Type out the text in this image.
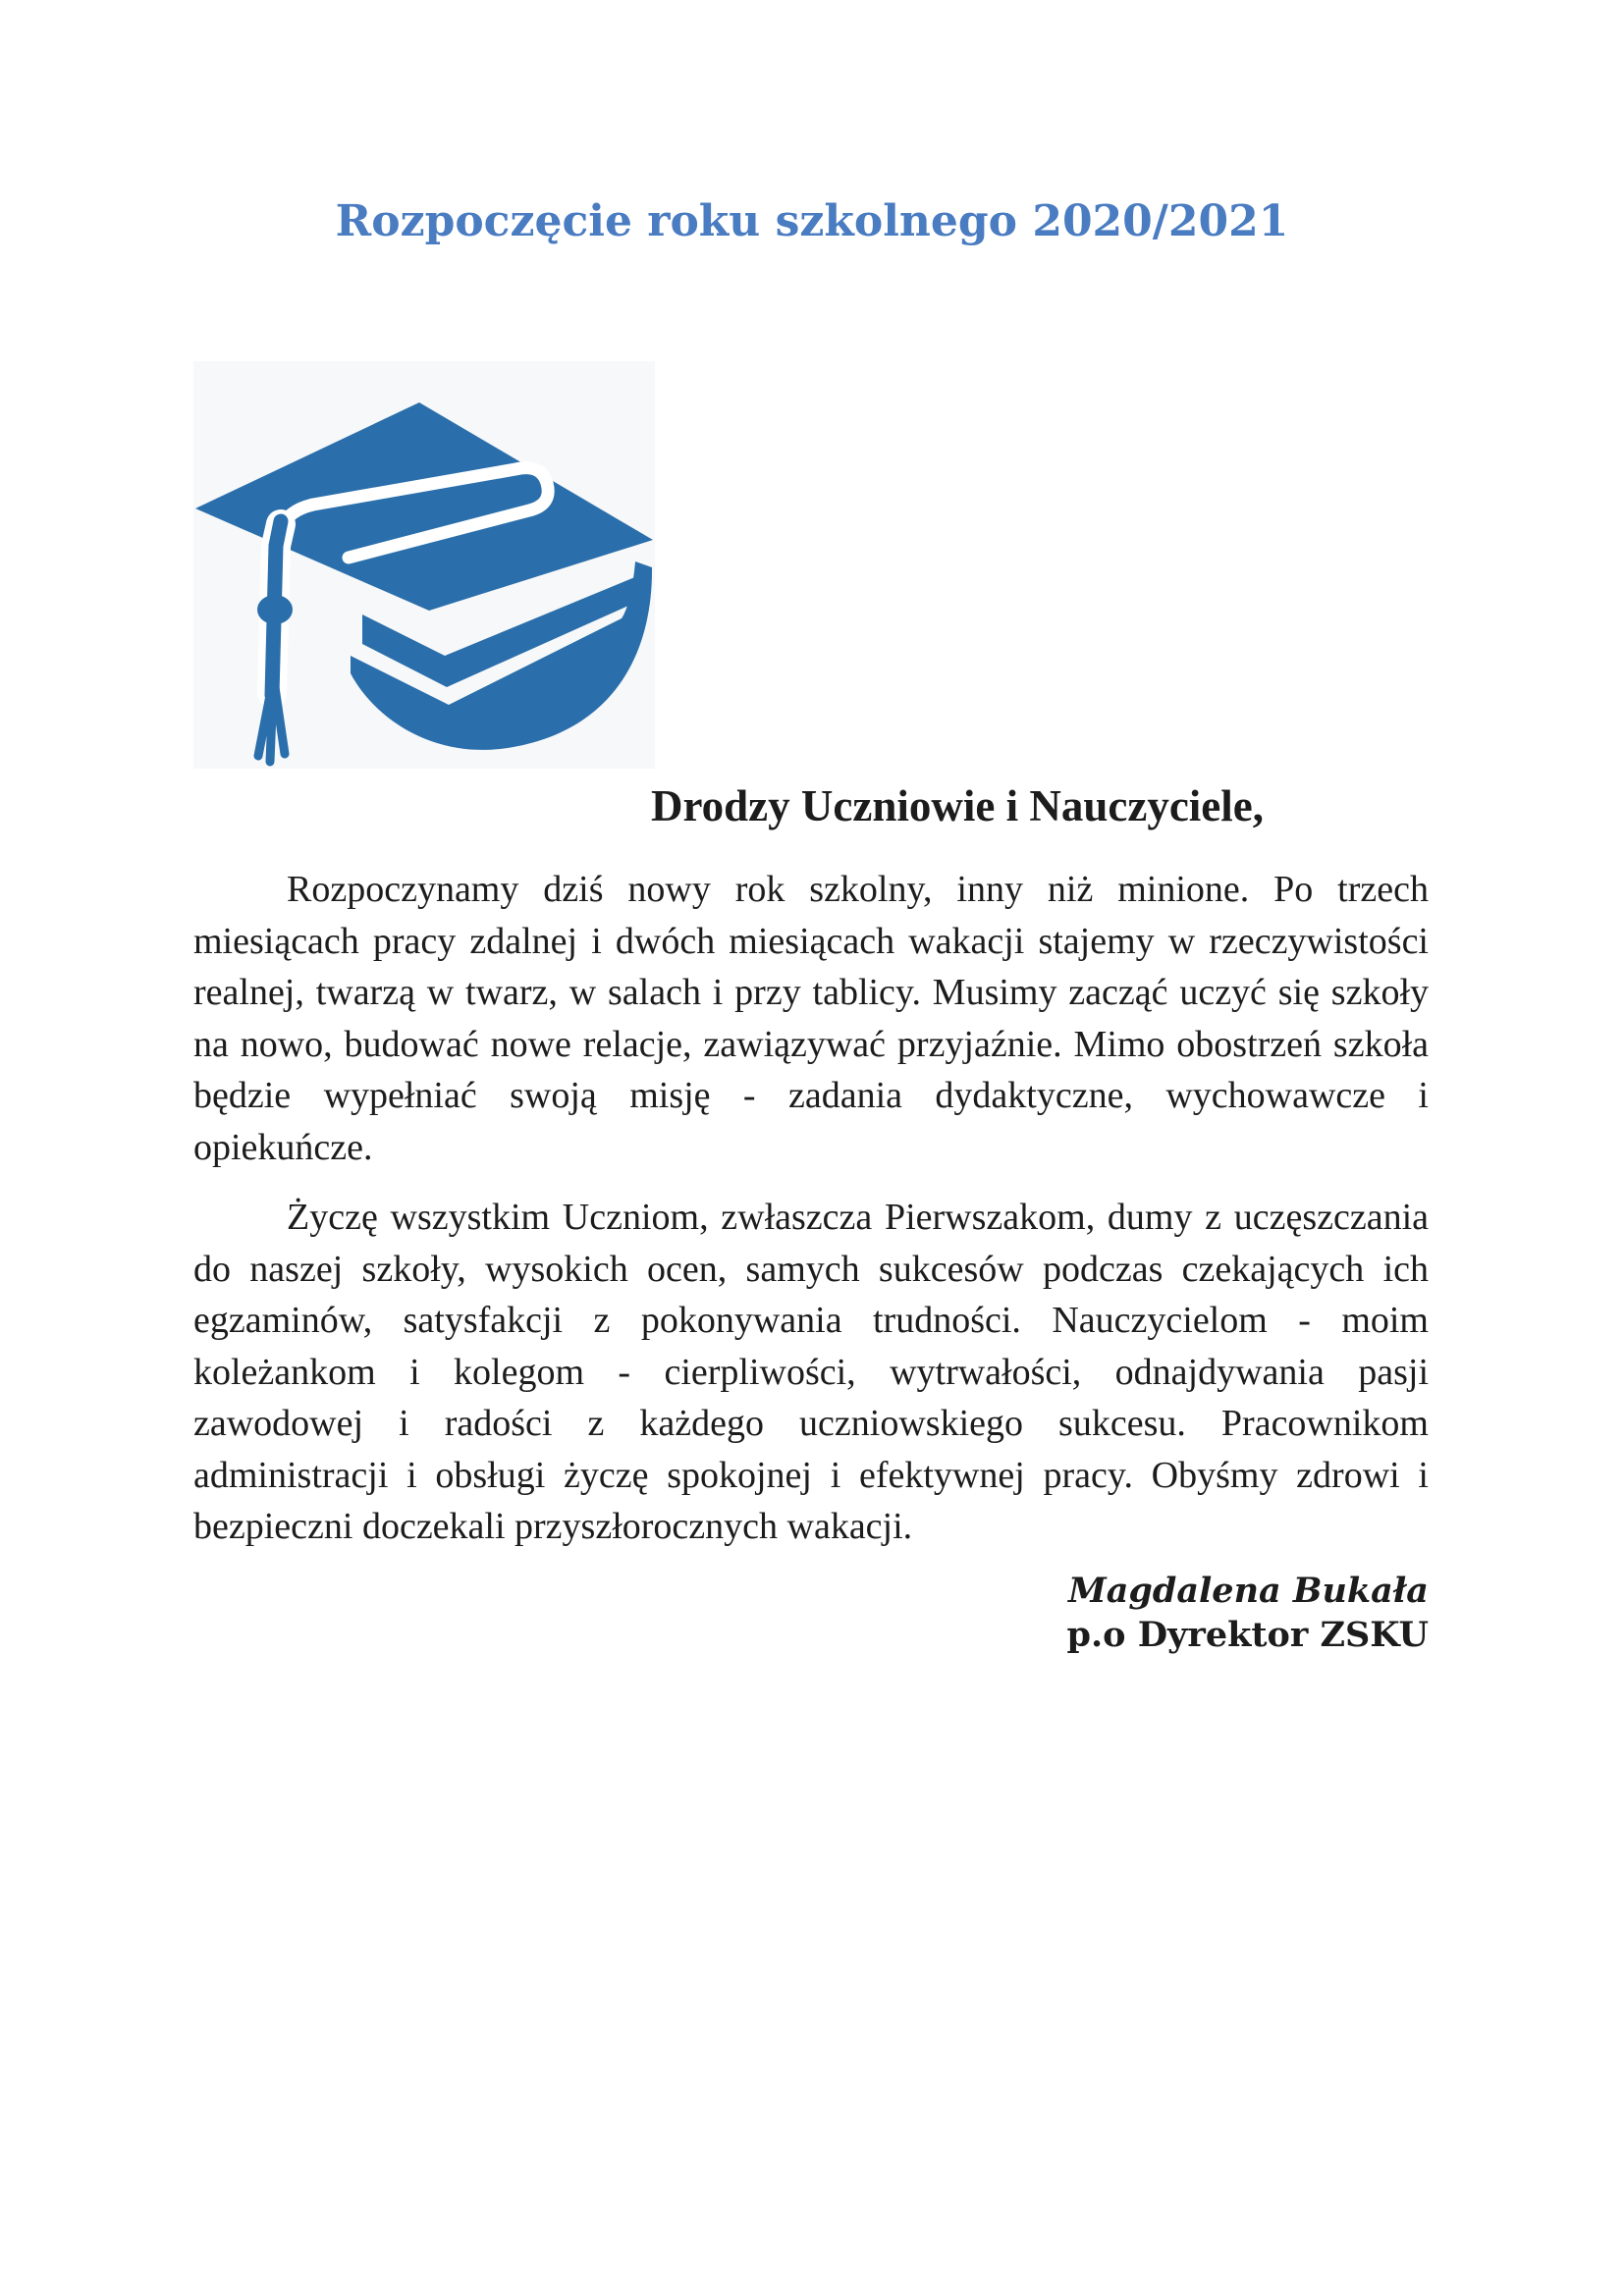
Rozpoczęcie roku szkolnego 2020/2021
Drodzy Uczniowie i Nauczyciele,
Rozpoczynamy dziś nowy rok szkolny, inny niż minione. Po trzech miesiącach pracy zdalnej i dwóch miesiącach wakacji stajemy w rzeczywistości realnej, twarzą w twarz, w salach i przy tablicy. Musimy zacząć uczyć się szkoły na nowo, budować nowe relacje, zawiązywać przyjaźnie. Mimo obostrzeń szkoła będzie wypełniać swoją misję - zadania dydaktyczne, wychowawcze i opiekuńcze.
Życzę wszystkim Uczniom, zwłaszcza Pierwszakom, dumy z uczęszczania do naszej szkoły, wysokich ocen, samych sukcesów podczas czekających ich egzaminów, satysfakcji z pokonywania trudności. Nauczycielom - moim koleżankom i kolegom - cierpliwości, wytrwałości, odnajdywania pasji zawodowej i radości z każdego uczniowskiego sukcesu. Pracownikom administracji i obsługi życzę spokojnej i efektywnej pracy. Obyśmy zdrowi i bezpieczni doczekali przyszłorocznych wakacji.
Magdalena Bukała
p.o Dyrektor ZSKU
